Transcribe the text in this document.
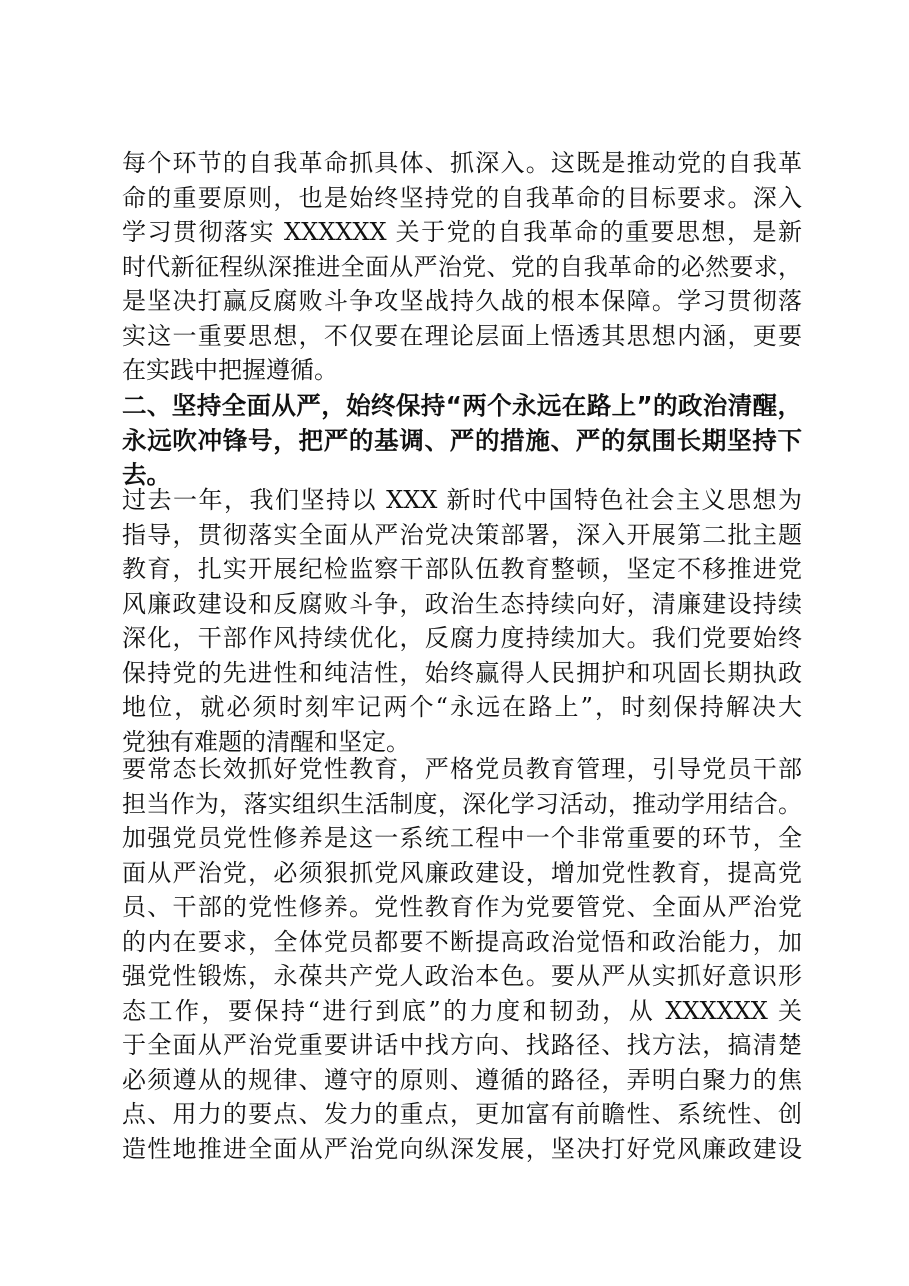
每个环节的自我革命抓具体、抓深入。这既是推动党的自我革
命的重要原则，也是始终坚持党的自我革命的目标要求。深入
学习贯彻落实 XXXXXX 关于党的自我革命的重要思想，是新
时代新征程纵深推进全面从严治党、党的自我革命的必然要求，
是坚决打赢反腐败斗争攻坚战持久战的根本保障。学习贯彻落
实这一重要思想，不仅要在理论层面上悟透其思想内涵，更要
在实践中把握遵循。
二、坚持全面从严，始终保持“两个永远在路上”的政治清醒，
永远吹冲锋号，把严的基调、严的措施、严的氛围长期坚持下
去。
过去一年，我们坚持以 XXX 新时代中国特色社会主义思想为
指导，贯彻落实全面从严治党决策部署，深入开展第二批主题
教育，扎实开展纪检监察干部队伍教育整顿，坚定不移推进党
风廉政建设和反腐败斗争，政治生态持续向好，清廉建设持续
深化，干部作风持续优化，反腐力度持续加大。我们党要始终
保持党的先进性和纯洁性，始终赢得人民拥护和巩固长期执政
地位，就必须时刻牢记两个“永远在路上”，时刻保持解决大
党独有难题的清醒和坚定。
要常态长效抓好党性教育，严格党员教育管理，引导党员干部
担当作为，落实组织生活制度，深化学习活动，推动学用结合。
加强党员党性修养是这一系统工程中一个非常重要的环节，全
面从严治党，必须狠抓党风廉政建设，增加党性教育，提高党
员、干部的党性修养。党性教育作为党要管党、全面从严治党
的内在要求，全体党员都要不断提高政治觉悟和政治能力，加
强党性锻炼，永葆共产党人政治本色。要从严从实抓好意识形
态工作，要保持“进行到底”的力度和韧劲，从 XXXXXX 关
于全面从严治党重要讲话中找方向、找路径、找方法，搞清楚
必须遵从的规律、遵守的原则、遵循的路径，弄明白聚力的焦
点、用力的要点、发力的重点，更加富有前瞻性、系统性、创
造性地推进全面从严治党向纵深发展，坚决打好党风廉政建设
